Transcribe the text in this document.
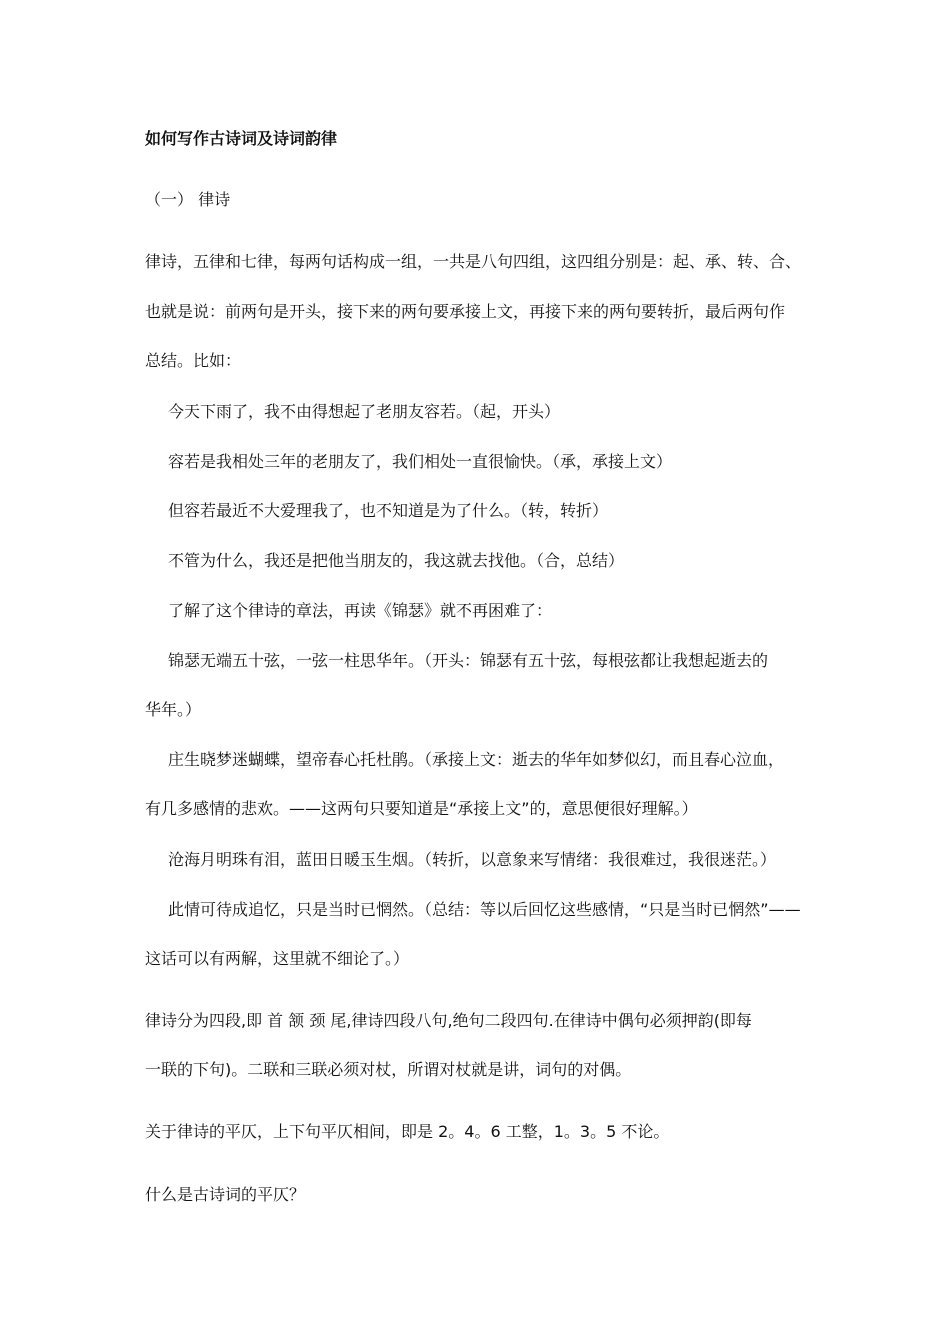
如何写作古诗词及诗词韵律
（一） 律诗
律诗，五律和七律，每两句话构成一组，一共是八句四组，这四组分别是：起、承、转、合、
也就是说：前两句是开头，接下来的两句要承接上文，再接下来的两句要转折，最后两句作
总结。比如：
今天下雨了，我不由得想起了老朋友容若。（起，开头）
容若是我相处三年的老朋友了，我们相处一直很愉快。（承，承接上文）
但容若最近不大爱理我了，也不知道是为了什么。（转，转折）
不管为什么，我还是把他当朋友的，我这就去找他。（合，总结）
了解了这个律诗的章法，再读《锦瑟》就不再困难了：
锦瑟无端五十弦，一弦一柱思华年。（开头：锦瑟有五十弦，每根弦都让我想起逝去的
华年。）
庄生晓梦迷蝴蝶，望帝春心托杜鹃。（承接上文：逝去的华年如梦似幻，而且春心泣血，
有几多感情的悲欢。——这两句只要知道是“承接上文”的，意思便很好理解。）
沧海月明珠有泪，蓝田日暖玉生烟。（转折，以意象来写情绪：我很难过，我很迷茫。）
此情可待成追忆，只是当时已惘然。（总结：等以后回忆这些感情，“只是当时已惘然”——
这话可以有两解，这里就不细论了。）
律诗分为四段,即 首 颔 颈 尾,律诗四段八句,绝句二段四句.在律诗中偶句必须押韵(即每
一联的下句)。二联和三联必须对杖，所谓对杖就是讲，词句的对偶。
关于律诗的平仄，上下句平仄相间，即是 2。4。6 工整，1。3。5 不论。
什么是古诗词的平仄？
